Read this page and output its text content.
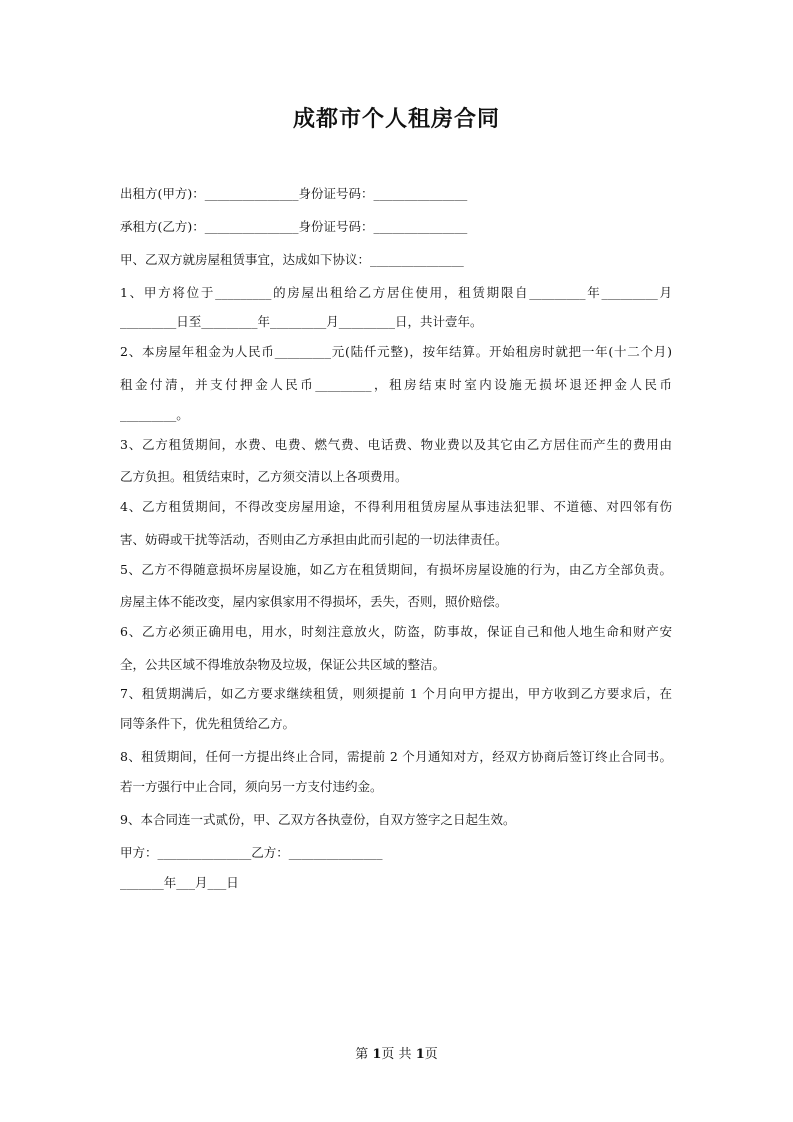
成都市个人租房合同
出租方(甲方)：_______________身份证号码：_______________
承租方(乙方)：_______________身份证号码：_______________
甲、乙双方就房屋租赁事宜，达成如下协议：_______________
1、甲方将位于_________的房屋出租给乙方居住使用，租赁期限自_________年_________月
_________日至_________年_________月_________日，共计壹年。
2、本房屋年租金为人民币_________元(陆仟元整)，按年结算。开始租房时就把一年(十二个月)
租金付清，并支付押金人民币_________，租房结束时室内设施无损坏退还押金人民币
_________。
3、乙方租赁期间，水费、电费、燃气费、电话费、物业费以及其它由乙方居住而产生的费用由
乙方负担。租赁结束时，乙方须交清以上各项费用。
4、乙方租赁期间，不得改变房屋用途，不得利用租赁房屋从事违法犯罪、不道德、对四邻有伤
害、妨碍或干扰等活动，否则由乙方承担由此而引起的一切法律责任。
5、乙方不得随意损坏房屋设施，如乙方在租赁期间，有损坏房屋设施的行为，由乙方全部负责。
房屋主体不能改变，屋内家俱家用不得损坏，丢失，否则，照价赔偿。
6、乙方必须正确用电，用水，时刻注意放火，防盗，防事故，保证自己和他人地生命和财产安
全，公共区域不得堆放杂物及垃圾，保证公共区域的整洁。
7、租赁期满后，如乙方要求继续租赁，则须提前 1 个月向甲方提出，甲方收到乙方要求后，在
同等条件下，优先租赁给乙方。
8、租赁期间，任何一方提出终止合同，需提前 2 个月通知对方，经双方协商后签订终止合同书。
若一方强行中止合同，须向另一方支付违约金。
9、本合同连一式贰份，甲、乙双方各执壹份，自双方签字之日起生效。
甲方：_______________乙方：_______________
_______年___月___日
第 1页 共 1页
